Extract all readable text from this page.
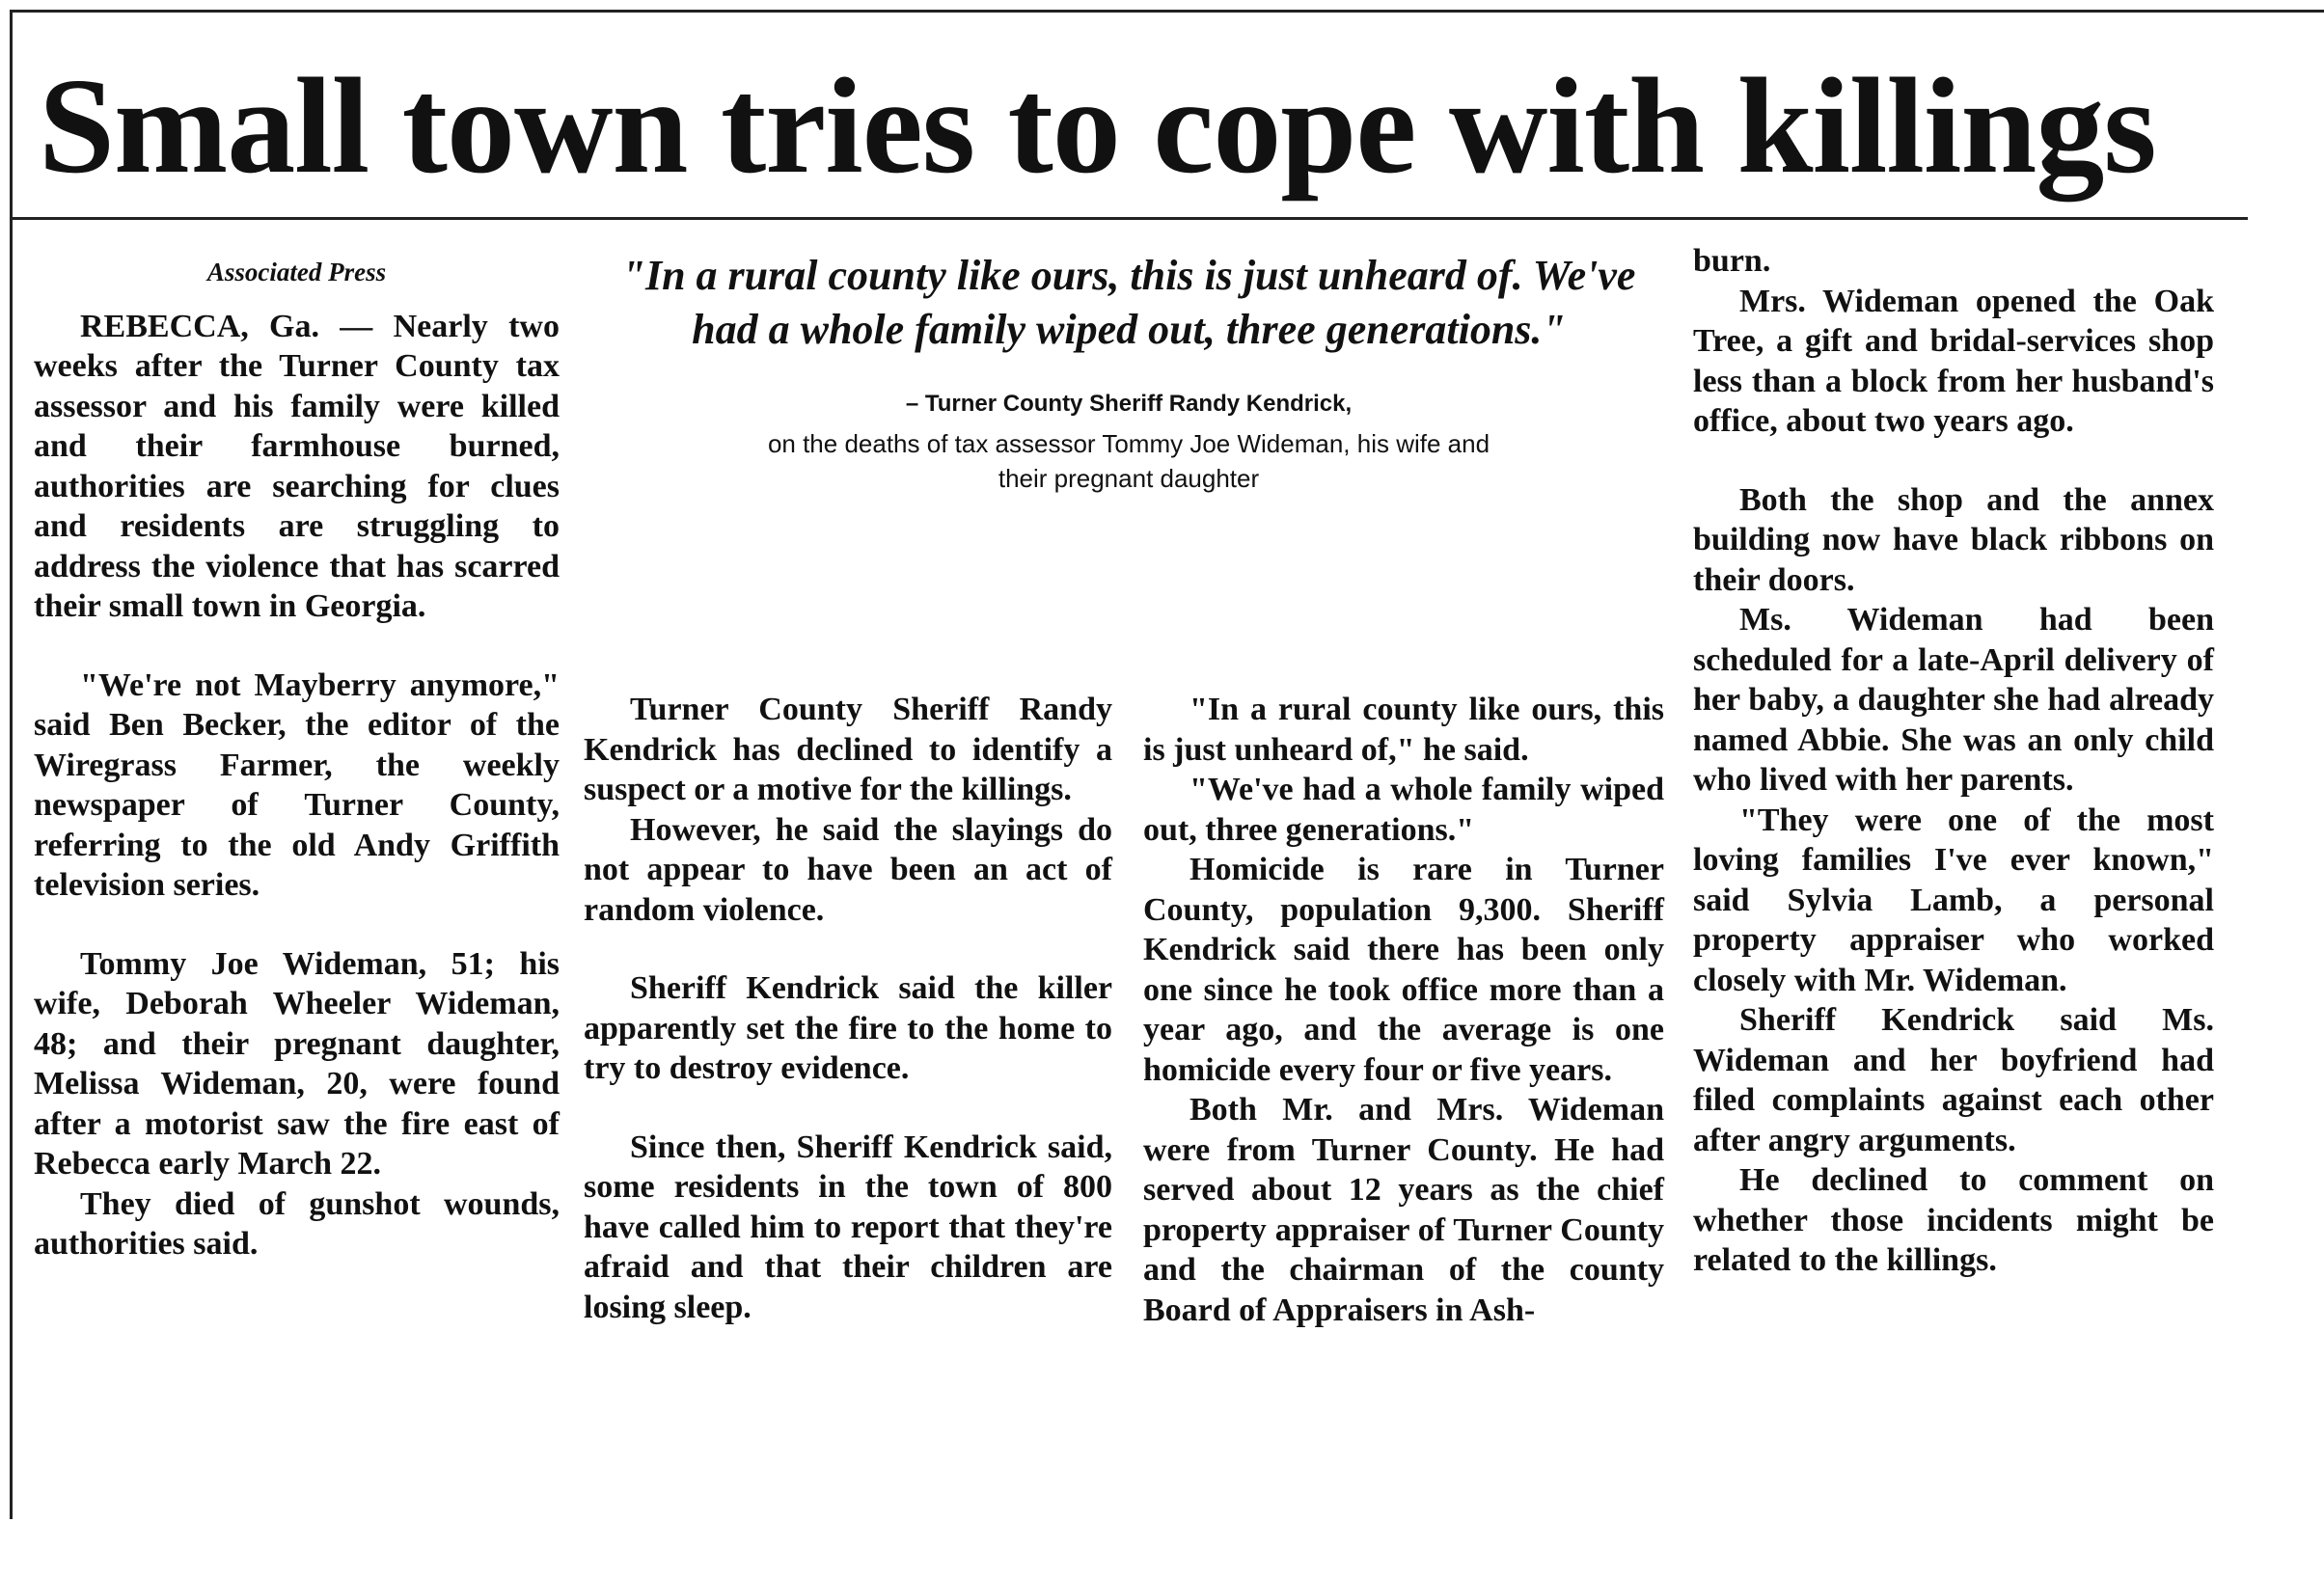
Small town tries to cope with killings

Associated Press

REBECCA, Ga. — Nearly two weeks after the Turner County tax assessor and his family were killed and their farmhouse burned, authorities are searching for clues and residents are struggling to address the violence that has scarred their small town in Georgia.

"We're not Mayberry anymore," said Ben Becker, the editor of the Wiregrass Farmer, the weekly newspaper of Turner County, referring to the old Andy Griffith television series.

Tommy Joe Wideman, 51; his wife, Deborah Wheeler Wideman, 48; and their pregnant daughter, Melissa Wideman, 20, were found after a motorist saw the fire east of Rebecca early March 22.

They died of gunshot wounds, authorities said.

"In a rural county like ours, this is just unheard of. We've had a whole family wiped out, three generations."
– Turner County Sheriff Randy Kendrick,
on the deaths of tax assessor Tommy Joe Wideman, his wife and
their pregnant daughter

Turner County Sheriff Randy Kendrick has declined to identify a suspect or a motive for the killings.

However, he said the slayings do not appear to have been an act of random violence.

Sheriff Kendrick said the killer apparently set the fire to the home to try to destroy evidence.

Since then, Sheriff Kendrick said, some residents in the town of 800 have called him to report that they're afraid and that their children are losing sleep.

"In a rural county like ours, this is just unheard of," he said.

"We've had a whole family wiped out, three generations."

Homicide is rare in Turner County, population 9,300. Sheriff Kendrick said there has been only one since he took office more than a year ago, and the average is one homicide every four or five years.

Both Mr. and Mrs. Wideman were from Turner County. He had served about 12 years as the chief property appraiser of Turner County and the chairman of the county Board of Appraisers in Ash-

burn.

Mrs. Wideman opened the Oak Tree, a gift and bridal-services shop less than a block from her husband's office, about two years ago.

Both the shop and the annex building now have black ribbons on their doors.

Ms. Wideman had been scheduled for a late-April delivery of her baby, a daughter she had already named Abbie. She was an only child who lived with her parents.

"They were one of the most loving families I've ever known," said Sylvia Lamb, a personal property appraiser who worked closely with Mr. Wideman.

Sheriff Kendrick said Ms. Wideman and her boyfriend had filed complaints against each other after angry arguments.

He declined to comment on whether those incidents might be related to the killings.
